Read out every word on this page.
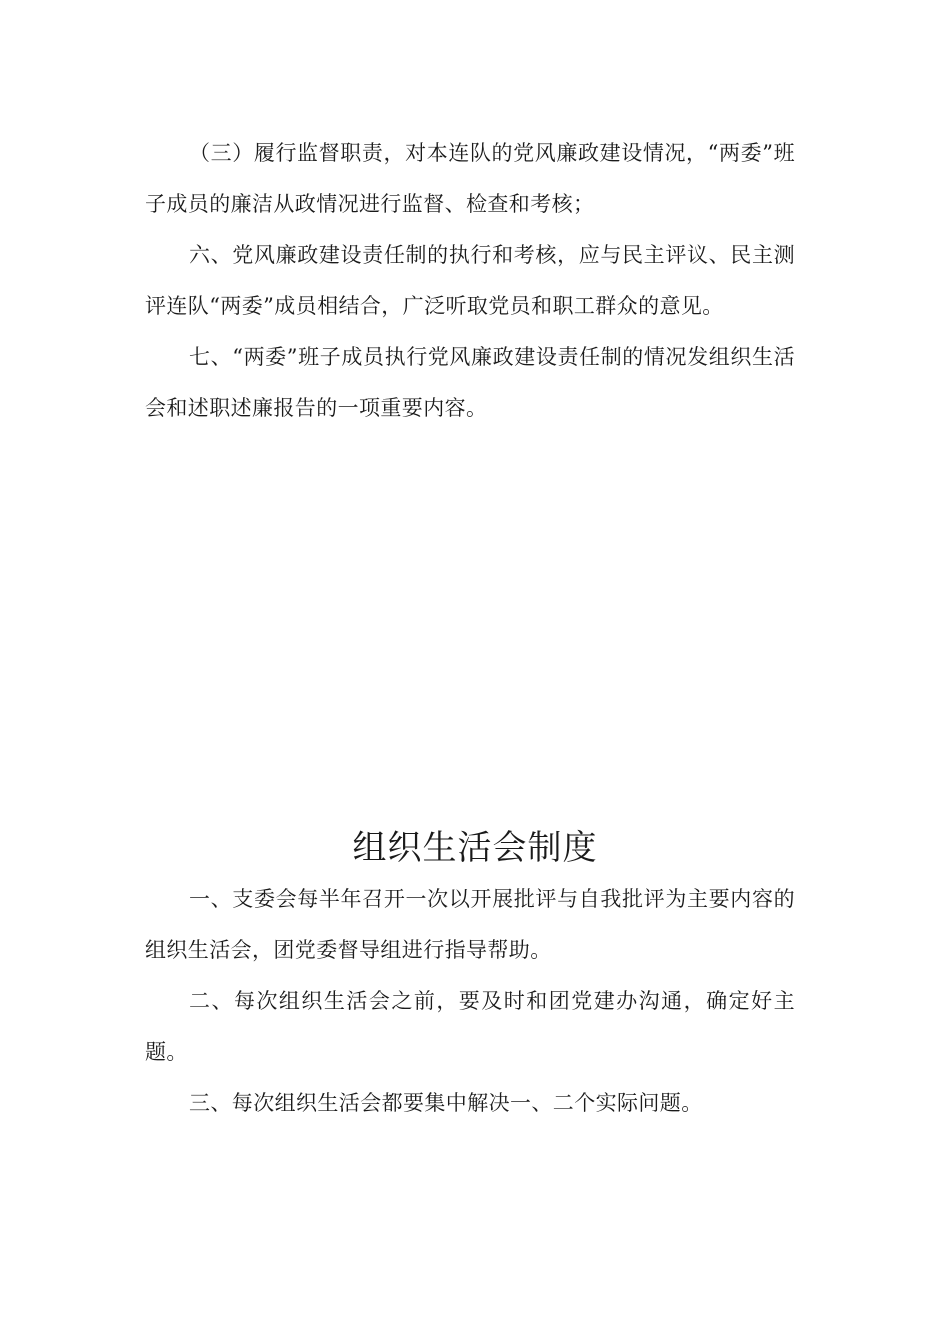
（三）履行监督职责，对本连队的党风廉政建设情况，“两委”班子成员的廉洁从政情况进行监督、检查和考核；

六、党风廉政建设责任制的执行和考核，应与民主评议、民主测评连队“两委”成员相结合，广泛听取党员和职工群众的意见。

七、“两委”班子成员执行党风廉政建设责任制的情况发组织生活会和述职述廉报告的一项重要内容。

组织生活会制度

一、支委会每半年召开一次以开展批评与自我批评为主要内容的组织生活会，团党委督导组进行指导帮助。

二、每次组织生活会之前，要及时和团党建办沟通，确定好主题。

三、每次组织生活会都要集中解决一、二个实际问题。
